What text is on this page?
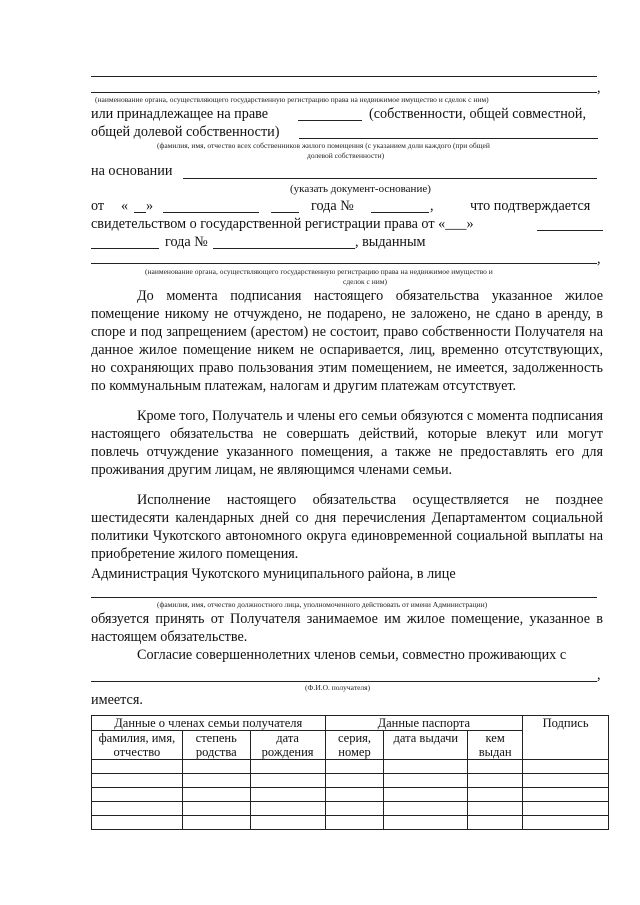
,
(наименование органа, осуществляющего государственную регистрацию права на недвижимое имущество и сделок с ним)
или принадлежащее на праве	(собственности, общей совместной,
общей долевой собственности)
(фамилия, имя, отчество всех собственников жилого помещения (с указанием доли каждого (при общей
долевой собственности)
на основании
(указать документ-основание)
от « »	года №	,	что подтверждается
свидетельством о государственной регистрации права от «___»
года №	, выданным
,
(наименование органа, осуществляющего государственную регистрацию права на недвижимое имущество и
сделок с ним)

До момента подписания настоящего обязательства указанное жилое помещение никому не отчуждено, не подарено, не заложено, не сдано в аренду, в споре и под запрещением (арестом) не состоит, право собственности Получателя на данное жилое помещение никем не оспаривается, лиц, временно отсутствующих, но сохраняющих право пользования этим помещением, не имеется, задолженность по коммунальным платежам, налогам и другим платежам отсутствует.

Кроме того, Получатель и члены его семьи обязуются с момента подписания настоящего обязательства не совершать действий, которые влекут или могут повлечь отчуждение указанного помещения, а также не предоставлять его для проживания другим лицам, не являющимся членами семьи.

Исполнение настоящего обязательства осуществляется не позднее шестидесяти календарных дней со дня перечисления Департаментом социальной политики Чукотского автономного округа единовременной социальной выплаты на приобретение жилого помещения.

Администрация Чукотского муниципального района, в лице
(фамилия, имя, отчество должностного лица, уполномоченного действовать от имени Администрации)

обязуется принять от Получателя занимаемое им жилое помещение, указанное в настоящем обязательстве.

Согласие совершеннолетних членов семьи, совместно проживающих с
,
(Ф.И.О. получателя)
имеется.
Данные о членах семьи получателя			Данные паспорта			Подпись
фамилия, имя, отчество	степень родства	дата рождения	серия, номер	дата выдачи	кем выдан	
